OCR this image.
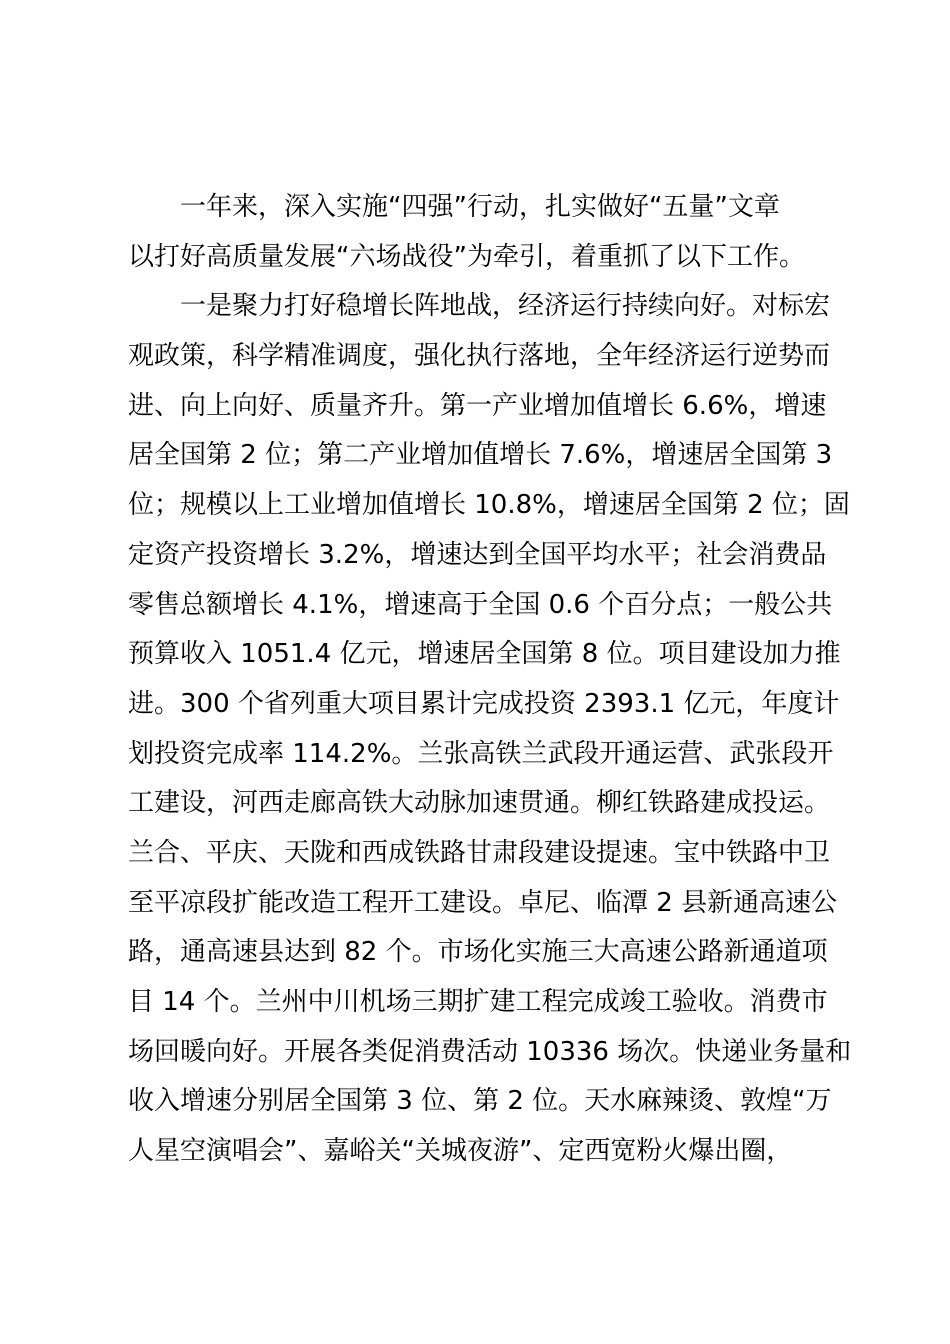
一年来，深入实施“四强”行动，扎实做好“五量”文章
以打好高质量发展“六场战役”为牵引，着重抓了以下工作。
一是聚力打好稳增长阵地战，经济运行持续向好。对标宏
观政策，科学精准调度，强化执行落地，全年经济运行逆势而
进、向上向好、质量齐升。第一产业增加值增长 6.6%，增速
居全国第 2 位；第二产业增加值增长 7.6%，增速居全国第 3
位；规模以上工业增加值增长 10.8%，增速居全国第 2 位；固
定资产投资增长 3.2%，增速达到全国平均水平；社会消费品
零售总额增长 4.1%，增速高于全国 0.6 个百分点；一般公共
预算收入 1051.4 亿元，增速居全国第 8 位。项目建设加力推
进。300 个省列重大项目累计完成投资 2393.1 亿元，年度计
划投资完成率 114.2%。兰张高铁兰武段开通运营、武张段开
工建设，河西走廊高铁大动脉加速贯通。柳红铁路建成投运。
兰合、平庆、天陇和西成铁路甘肃段建设提速。宝中铁路中卫
至平凉段扩能改造工程开工建设。卓尼、临潭 2 县新通高速公
路，通高速县达到 82 个。市场化实施三大高速公路新通道项
目 14 个。兰州中川机场三期扩建工程完成竣工验收。消费市
场回暖向好。开展各类促消费活动 10336 场次。快递业务量和
收入增速分别居全国第 3 位、第 2 位。天水麻辣烫、敦煌“万
人星空演唱会”、嘉峪关“关城夜游”、定西宽粉火爆出圈，
